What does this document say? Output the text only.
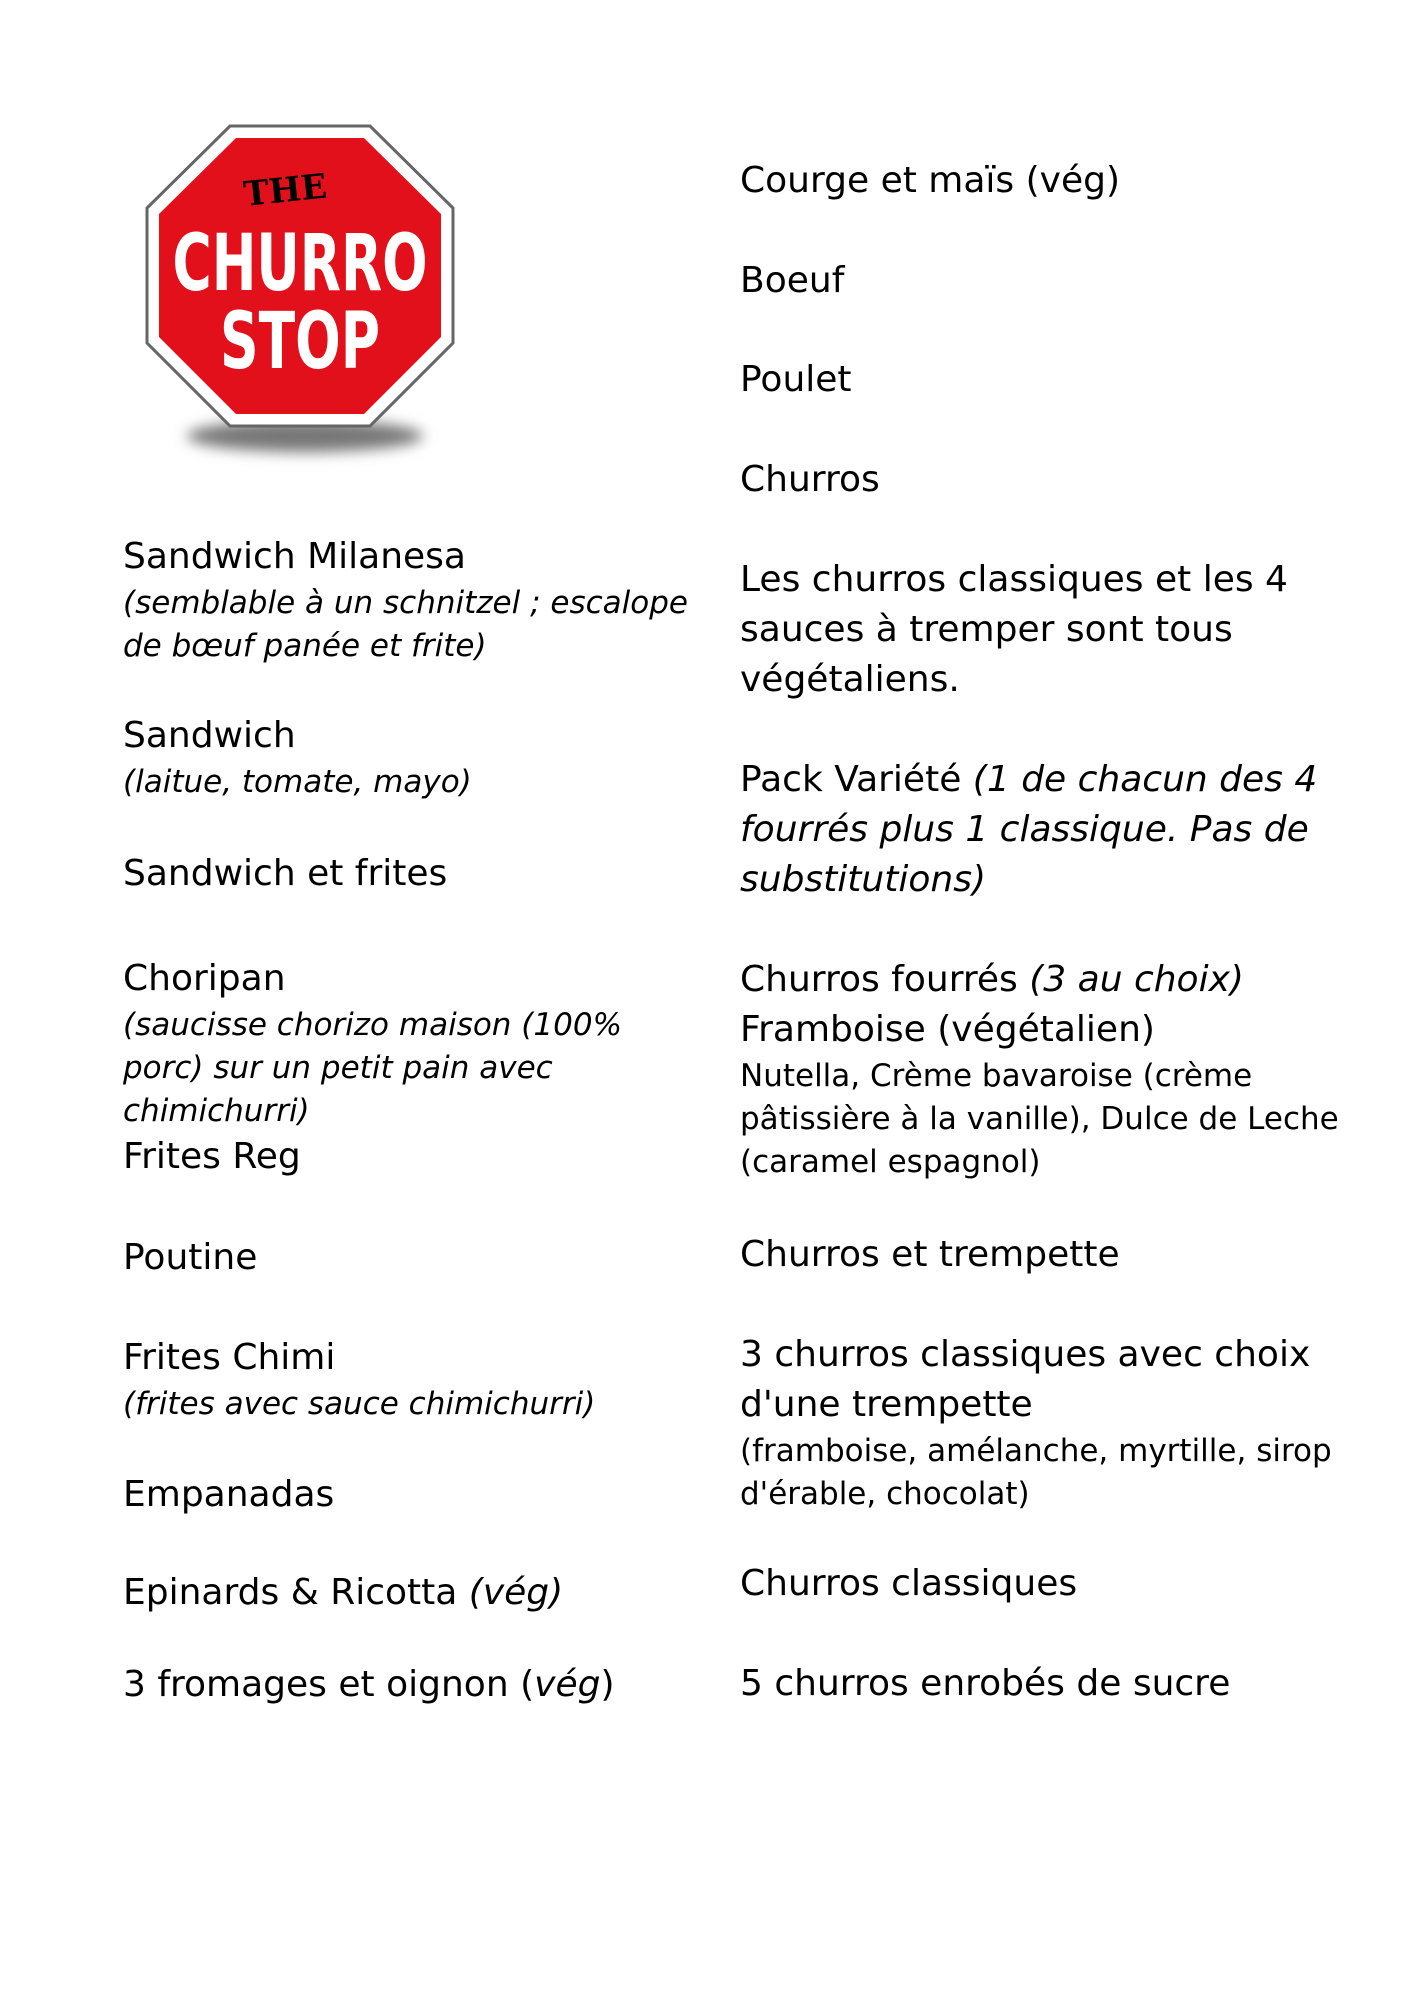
THE
CHURRO
STOP

Sandwich Milanesa

(semblable à un schnitzel ; escalope de bœuf panée et frite)

Sandwich

(laitue, tomate, mayo)

Sandwich et frites

Choripan

(saucisse chorizo maison (100% porc) sur un petit pain avec chimichurri)

Frites Reg

Poutine

Frites Chimi

(frites avec sauce chimichurri)

Empanadas

Epinards & Ricotta (vég)

3 fromages et oignon (vég)

Courge et maïs (vég)

Boeuf

Poulet

Churros

Les churros classiques et les 4 sauces à tremper sont tous végétaliens.

Pack Variété (1 de chacun des 4 fourrés plus 1 classique. Pas de substitutions)

Churros fourrés (3 au choix)

Framboise (végétalien)

Nutella, Crème bavaroise (crème pâtissière à la vanille), Dulce de Leche (caramel espagnol)

Churros et trempette

3 churros classiques avec choix d'une trempette

(framboise, amélanche, myrtille, sirop d'érable, chocolat)

Churros classiques

5 churros enrobés de sucre
